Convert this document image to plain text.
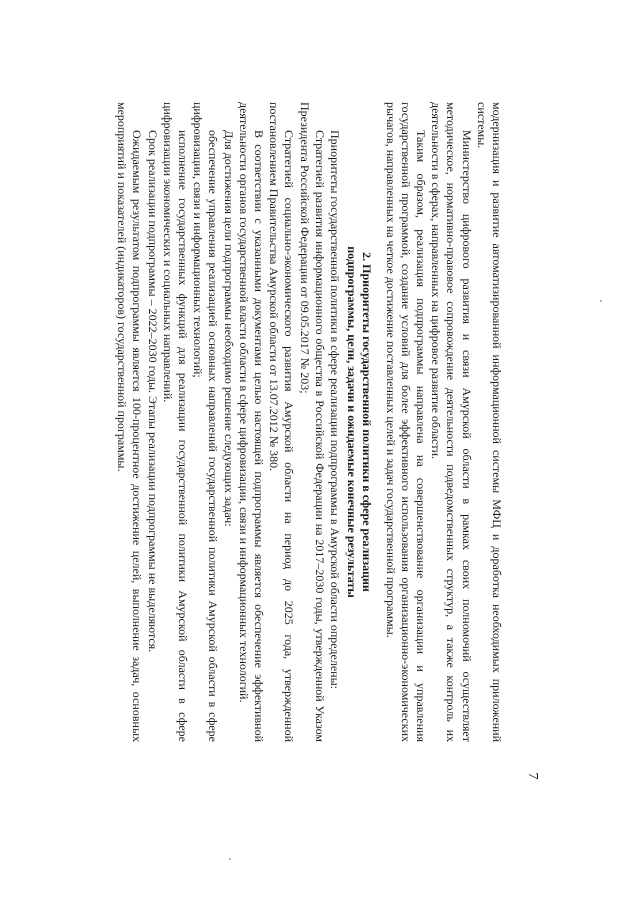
7

модернизация и развитие автоматизированной информационной системы МФЦ и доработка необходимых приложений системы.

Министерство цифрового развития и связи Амурской области в рамках своих полномочий осуществляет методическое, нормативно-правовое сопровождение деятельности подведомственных структур, а также контроль их деятельности в сферах, направленных на цифровое развитие области.

Таким образом, реализация подпрограммы направлена на совершенствование организации и управления государственной программой, создание условий для более эффективного использования организационно-экономических рычагов, направленных на четкое достижение поставленных целей и задач государственной программы.

2. Приоритеты государственной политики в сфере реализации
подпрограммы, цели, задачи и ожидаемые конечные результаты

Приоритеты государственной политики в сфере реализации подпрограммы в Амурской области определены:

Стратегией развития информационного общества в Российской Федерации на 2017–2030 годы, утвержденной Указом Президента Российской Федерации от 09.05.2017 № 203;

Стратегией социально-экономического развития Амурской области на период до 2025 года, утвержденной постановлением Правительства Амурской области от 13.07.2012 № 380.

В соответствии с указанными документами целью настоящей подпрограммы является обеспечение эффективной деятельности органов государственной власти области в сфере цифровизации, связи и информационных технологий.

Для достижения цели подпрограммы необходимо решение следующих задач:

обеспечение управления реализацией основных направлений государственной политики Амурской области в сфере цифровизации, связи и информационных технологий;

исполнение государственных функций для реализации государственной политики Амурской области в сфере цифровизации экономических и социальных направлений.

Срок реализации подпрограммы – 2022–2030 годы. Этапы реализации подпрограммы не выделяются.

Ожидаемым результатом подпрограммы является 100-процентное достижение целей, выполнение задач, основных мероприятий и показателей (индикаторов) государственной программы.
